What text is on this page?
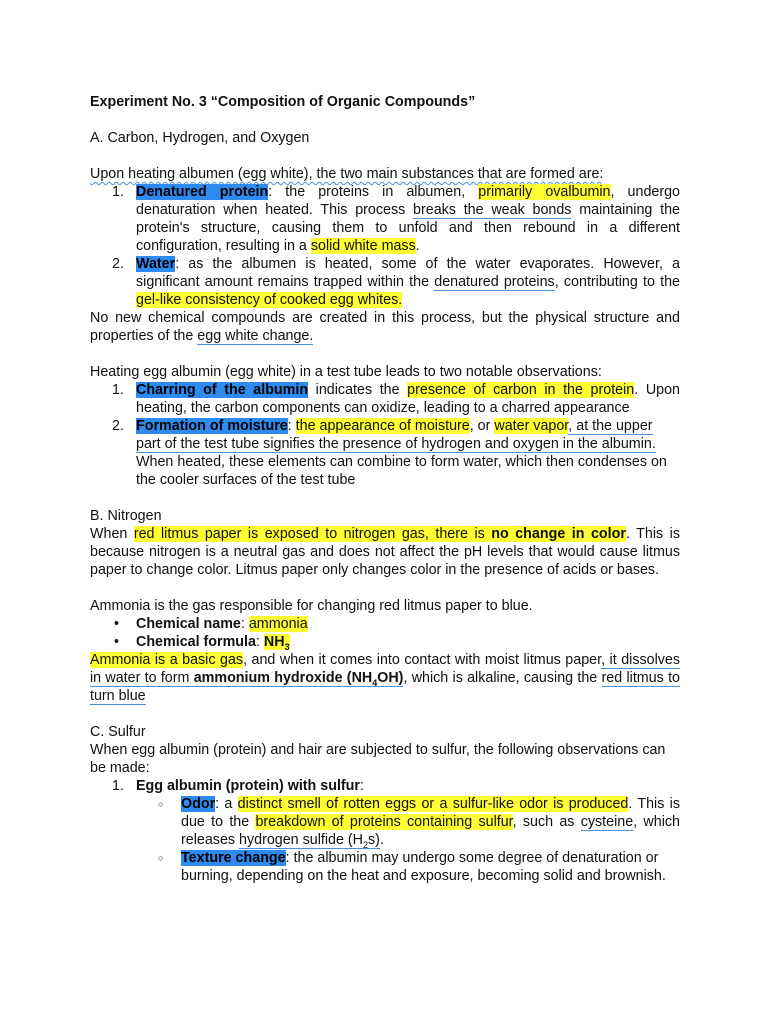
Experiment No. 3 “Composition of Organic Compounds”

A. Carbon, Hydrogen, and Oxygen

Upon heating albumen (egg white), the two main substances that are formed are:

1. Denatured protein: the proteins in albumen, primarily ovalbumin, undergo denaturation when heated. This process breaks the weak bonds maintaining the protein's structure, causing them to unfold and then rebound in a different configuration, resulting in a solid white mass.
2. Water: as the albumen is heated, some of the water evaporates. However, a significant amount remains trapped within the denatured proteins, contributing to the gel-like consistency of cooked egg whites.

No new chemical compounds are created in this process, but the physical structure and properties of the egg white change.

Heating egg albumin (egg white) in a test tube leads to two notable observations:

1. Charring of the albumin indicates the presence of carbon in the protein. Upon heating, the carbon components can oxidize, leading to a charred appearance
2. Formation of moisture: the appearance of moisture, or water vapor, at the upper part of the test tube signifies the presence of hydrogen and oxygen in the albumin. When heated, these elements can combine to form water, which then condenses on the cooler surfaces of the test tube

B. Nitrogen

When red litmus paper is exposed to nitrogen gas, there is no change in color. This is because nitrogen is a neutral gas and does not affect the pH levels that would cause litmus paper to change color. Litmus paper only changes color in the presence of acids or bases.

Ammonia is the gas responsible for changing red litmus paper to blue.

• Chemical name: ammonia
• Chemical formula: $NH_3$

Ammonia is a basic gas, and when it comes into contact with moist litmus paper, it dissolves in water to form ammonium hydroxide $(NH_4OH)$, which is alkaline, causing the red litmus to turn blue

C. Sulfur

When egg albumin (protein) and hair are subjected to sulfur, the following observations can be made:

1. Egg albumin (protein) with sulfur:
○ Odor: a distinct smell of rotten eggs or a sulfur-like odor is produced. This is due to the breakdown of proteins containing sulfur, such as cysteine, which releases hydrogen sulfide $(H_2s)$.
○ Texture change: the albumin may undergo some degree of denaturation or burning, depending on the heat and exposure, becoming solid and brownish.
